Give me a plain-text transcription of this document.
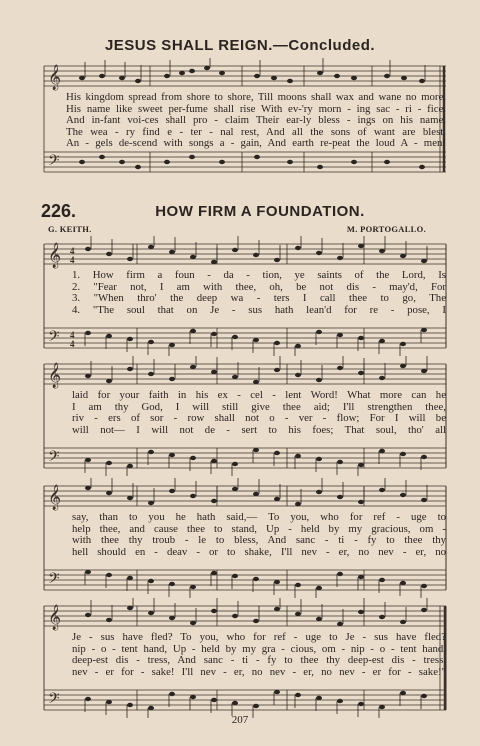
JESUS SHALL REIGN.—Concluded.
𝄞
𝄢
His kingdom spread from shore to shore, Till moons shall wax and wane no more.
His name like sweet per-fume shall rise With ev-'ry morn - ing sac - ri - fice.
And in-fant voi-ces shall pro - claim Their ear-ly bless - ings on his name.
The wea - ry find e - ter - nal rest, And all the sons of want are blest.
An - gels de-scend with songs a - gain, And earth re-peat the loud A - men!
226.	HOW FIRM A FOUNDATION.
G. KEITH.	M. PORTOGALLO.
𝄞
𝄢
4
4
4
4
1. How firm a foun - da - tion, ye saints of the Lord, Is
2. "Fear not, I am with thee, oh, be not dis - may'd, For
3. "When thro' the deep wa - ters I call thee to go, The
4. "The soul that on Je - sus hath lean'd for re - pose, I
𝄞
𝄢
laid for your faith in his ex - cel - lent Word! What more can he
I am thy God, I will still give thee aid; I'll strengthen thee,
riv - ers of sor - row shall not o - ver - flow; For I will be
will not— I will not de - sert to his foes; That soul, tho' all
𝄞
𝄢
say, than to you he hath said,— To you, who for ref - uge to
help thee, and cause thee to stand, Up - held by my gracious, om -
with thee thy troub - le to bless, And sanc - ti - fy to thee thy
hell should en - deav - or to shake, I'll nev - er, no nev - er, no
𝄞
𝄢
Je - sus have fled? To you, who for ref - uge to Je - sus have fled?
nip - o - tent hand, Up - held by my gra - cious, om - nip - o - tent hand.
deep-est dis - tress, And sanc - ti - fy to thee thy deep-est dis - tress.
nev - er for - sake! I'll nev - er, no nev - er, no nev - er for - sake!"
207
